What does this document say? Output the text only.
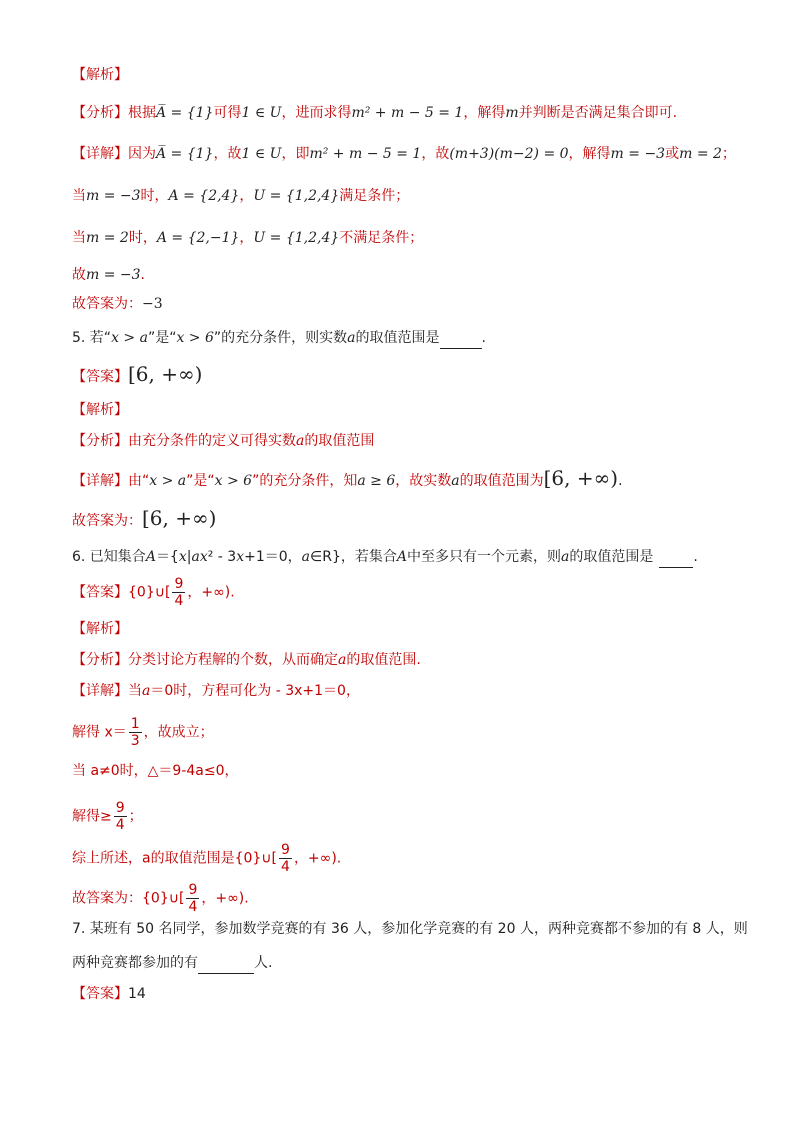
【解析】
【分析】根据A̅ = {1}可得1 ∈ U，进而求得m² + m − 5 = 1，解得m并判断是否满足集合即可.
【详解】因为A̅ = {1}，故1 ∈ U，即m² + m − 5 = 1，故(m+3)(m−2) = 0，解得m = −3或m = 2；
当m = −3时，A = {2,4}，U = {1,2,4}满足条件；
当m = 2时，A = {2,−1}，U = {1,2,4}不满足条件；
故m = −3.
故答案为：−3
5. 若“x > a”是“x > 6”的充分条件，则实数a的取值范围是	.
【答案】[6, +∞)
【解析】
【分析】由充分条件的定义可得实数a的取值范围
【详解】由“x > a”是“x > 6”的充分条件，知a ≥ 6，故实数a的取值范围为[6, +∞).
故答案为：[6, +∞)
6. 已知集合A＝{x|ax² - 3x+1＝0，a∈R}，若集合A中至多只有一个元素，则a的取值范围是	.
【答案】{0}∪[ $\frac{9}{4}$ ，+∞).
【解析】
【分析】分类讨论方程解的个数，从而确定a的取值范围.
【详解】当a＝0时，方程可化为 - 3x+1＝0，
解得 $x= \frac{1}{3}$ ，故成立；
当 a≠0时，△＝9-4a≤0，
解得≥ $\frac{9}{4}$ ；
综上所述，a的取值范围是{0}∪[ $\frac{9}{4}$ ，+∞).
故答案为：{0}∪[ $\frac{9}{4}$ ，+∞).
7. 某班有 50 名同学，参加数学竞赛的有 36 人，参加化学竞赛的有 20 人，两种竞赛都不参加的有 8 人，则
两种竞赛都参加的有	人.
【答案】14
